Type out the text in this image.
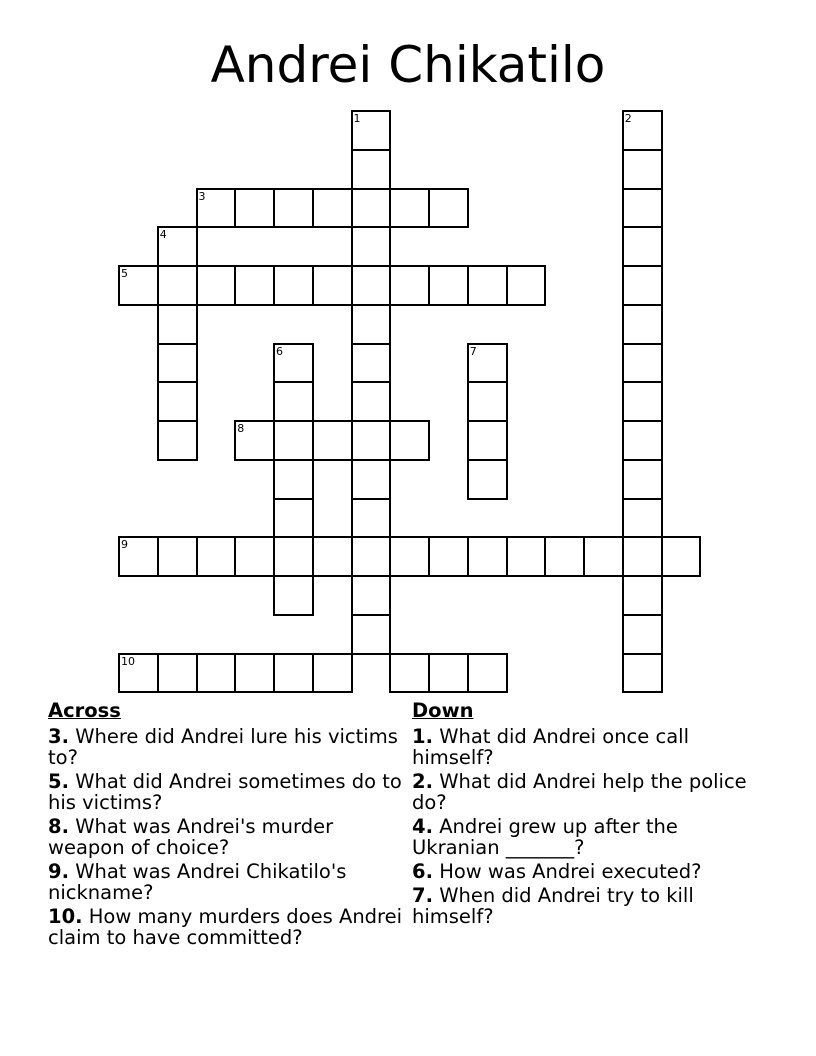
Andrei Chikatilo
1	2
3
4
5
6	7
8
9
10
Across
3. Where did Andrei lure his victims to?
5. What did Andrei sometimes do to his victims?
8. What was Andrei's murder weapon of choice?
9. What was Andrei Chikatilo's nickname?
10. How many murders does Andrei claim to have committed?
Down
1. What did Andrei once call himself?
2. What did Andrei help the police do?
4. Andrei grew up after the Ukranian _______?
6. How was Andrei executed?
7. When did Andrei try to kill himself?
